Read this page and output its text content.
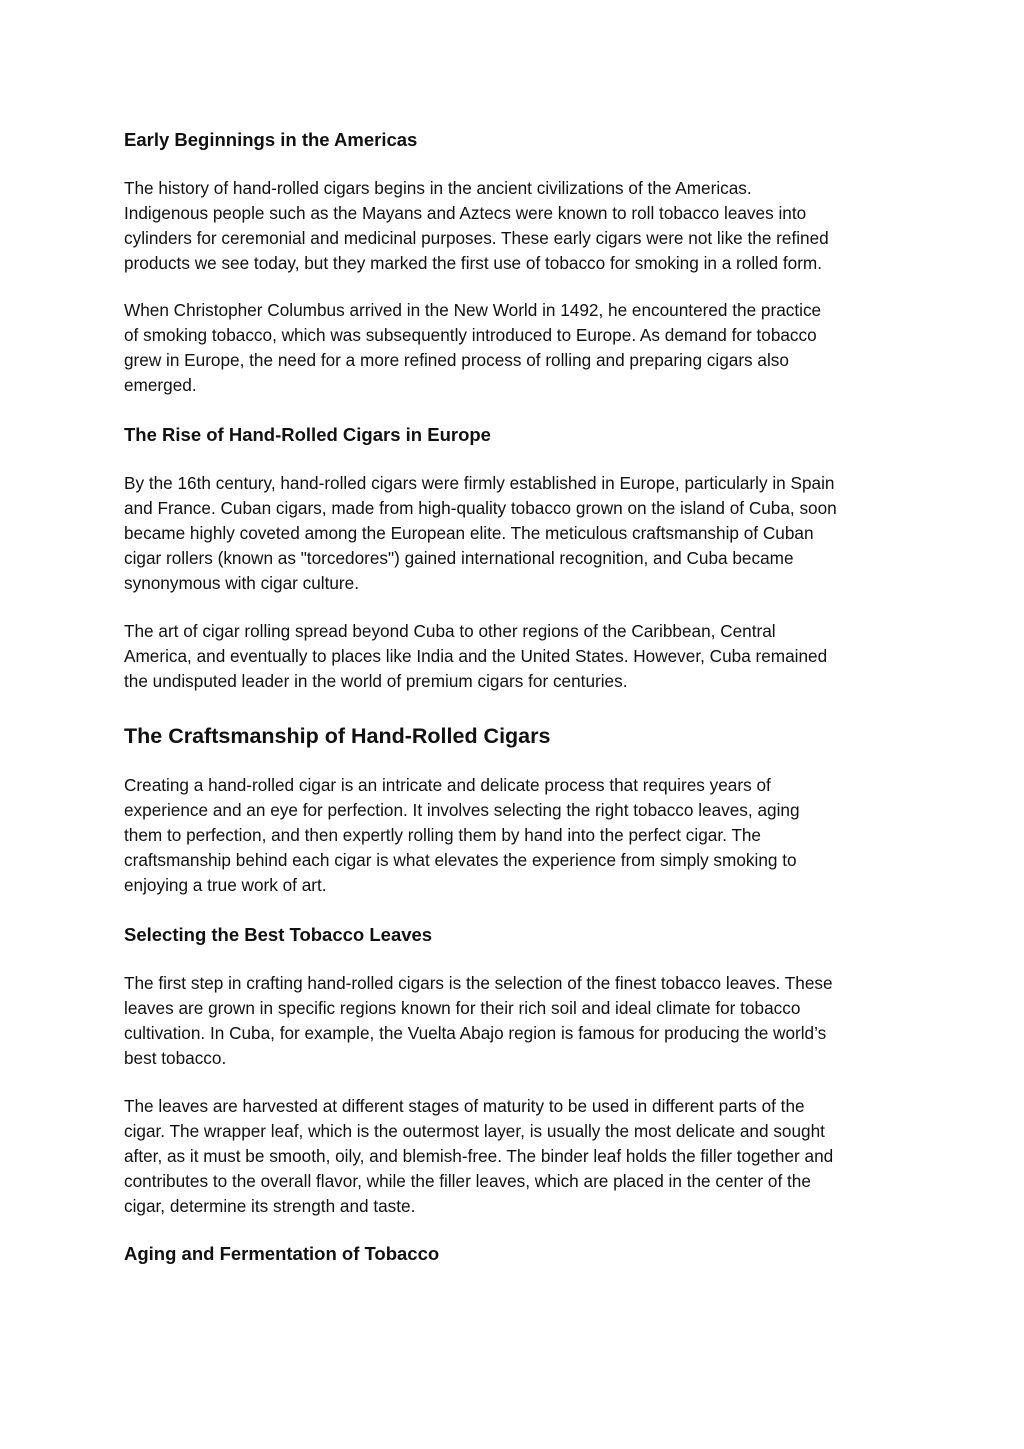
Early Beginnings in the Americas
The history of hand-rolled cigars begins in the ancient civilizations of the Americas.
Indigenous people such as the Mayans and Aztecs were known to roll tobacco leaves into
cylinders for ceremonial and medicinal purposes. These early cigars were not like the refined
products we see today, but they marked the first use of tobacco for smoking in a rolled form.
When Christopher Columbus arrived in the New World in 1492, he encountered the practice
of smoking tobacco, which was subsequently introduced to Europe. As demand for tobacco
grew in Europe, the need for a more refined process of rolling and preparing cigars also
emerged.
The Rise of Hand-Rolled Cigars in Europe
By the 16th century, hand-rolled cigars were firmly established in Europe, particularly in Spain
and France. Cuban cigars, made from high-quality tobacco grown on the island of Cuba, soon
became highly coveted among the European elite. The meticulous craftsmanship of Cuban
cigar rollers (known as "torcedores") gained international recognition, and Cuba became
synonymous with cigar culture.
The art of cigar rolling spread beyond Cuba to other regions of the Caribbean, Central
America, and eventually to places like India and the United States. However, Cuba remained
the undisputed leader in the world of premium cigars for centuries.
The Craftsmanship of Hand-Rolled Cigars
Creating a hand-rolled cigar is an intricate and delicate process that requires years of
experience and an eye for perfection. It involves selecting the right tobacco leaves, aging
them to perfection, and then expertly rolling them by hand into the perfect cigar. The
craftsmanship behind each cigar is what elevates the experience from simply smoking to
enjoying a true work of art.
Selecting the Best Tobacco Leaves
The first step in crafting hand-rolled cigars is the selection of the finest tobacco leaves. These
leaves are grown in specific regions known for their rich soil and ideal climate for tobacco
cultivation. In Cuba, for example, the Vuelta Abajo region is famous for producing the world’s
best tobacco.
The leaves are harvested at different stages of maturity to be used in different parts of the
cigar. The wrapper leaf, which is the outermost layer, is usually the most delicate and sought
after, as it must be smooth, oily, and blemish-free. The binder leaf holds the filler together and
contributes to the overall flavor, while the filler leaves, which are placed in the center of the
cigar, determine its strength and taste.
Aging and Fermentation of Tobacco
